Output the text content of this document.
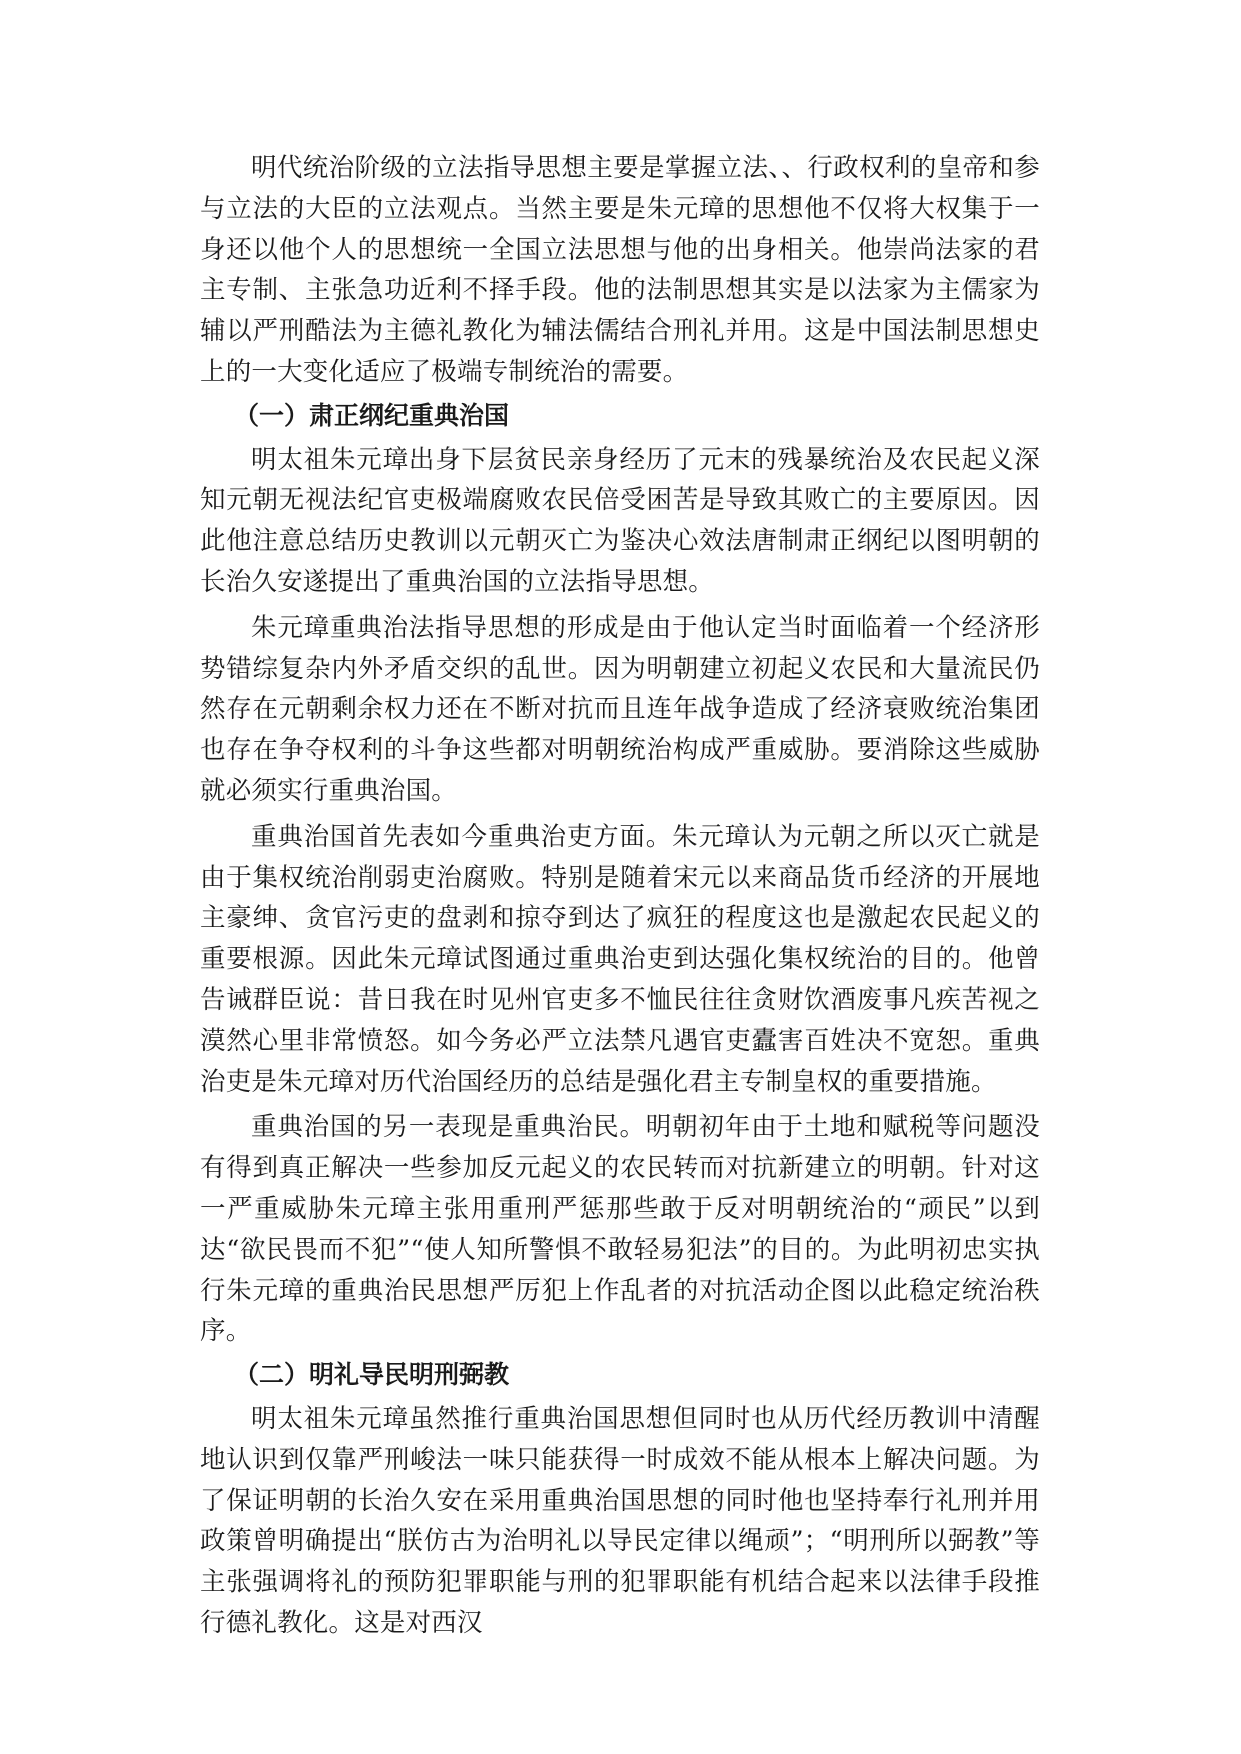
明代统治阶级的立法指导思想主要是掌握立法、、行政权利的皇帝和参与立法的大臣的立法观点。当然主要是朱元璋的思想他不仅将大权集于一身还以他个人的思想统一全国立法思想与他的出身相关。他崇尚法家的君主专制、主张急功近利不择手段。他的法制思想其实是以法家为主儒家为辅以严刑酷法为主德礼教化为辅法儒结合刑礼并用。这是中国法制思想史上的一大变化适应了极端专制统治的需要。

（一）肃正纲纪重典治国

明太祖朱元璋出身下层贫民亲身经历了元末的残暴统治及农民起义深知元朝无视法纪官吏极端腐败农民倍受困苦是导致其败亡的主要原因。因此他注意总结历史教训以元朝灭亡为鉴决心效法唐制肃正纲纪以图明朝的长治久安遂提出了重典治国的立法指导思想。

朱元璋重典治法指导思想的形成是由于他认定当时面临着一个经济形势错综复杂内外矛盾交织的乱世。因为明朝建立初起义农民和大量流民仍然存在元朝剩余权力还在不断对抗而且连年战争造成了经济衰败统治集团也存在争夺权利的斗争这些都对明朝统治构成严重威胁。要消除这些威胁就必须实行重典治国。

重典治国首先表如今重典治吏方面。朱元璋认为元朝之所以灭亡就是由于集权统治削弱吏治腐败。特别是随着宋元以来商品货币经济的开展地主豪绅、贪官污吏的盘剥和掠夺到达了疯狂的程度这也是激起农民起义的重要根源。因此朱元璋试图通过重典治吏到达强化集权统治的目的。他曾告诫群臣说：昔日我在时见州官吏多不恤民往往贪财饮酒废事凡疾苦视之漠然心里非常愤怒。如今务必严立法禁凡遇官吏蠹害百姓决不宽恕。重典治吏是朱元璋对历代治国经历的总结是强化君主专制皇权的重要措施。

重典治国的另一表现是重典治民。明朝初年由于土地和赋税等问题没有得到真正解决一些参加反元起义的农民转而对抗新建立的明朝。针对这一严重威胁朱元璋主张用重刑严惩那些敢于反对明朝统治的“顽民”以到达“欲民畏而不犯”“使人知所警惧不敢轻易犯法”的目的。为此明初忠实执行朱元璋的重典治民思想严厉犯上作乱者的对抗活动企图以此稳定统治秩序。

（二）明礼导民明刑弼教

明太祖朱元璋虽然推行重典治国思想但同时也从历代经历教训中清醒地认识到仅靠严刑峻法一味只能获得一时成效不能从根本上解决问题。为了保证明朝的长治久安在采用重典治国思想的同时他也坚持奉行礼刑并用政策曾明确提出“朕仿古为治明礼以导民定律以绳顽”；“明刑所以弼教”等主张强调将礼的预防犯罪职能与刑的犯罪职能有机结合起来以法律手段推行德礼教化。这是对西汉
